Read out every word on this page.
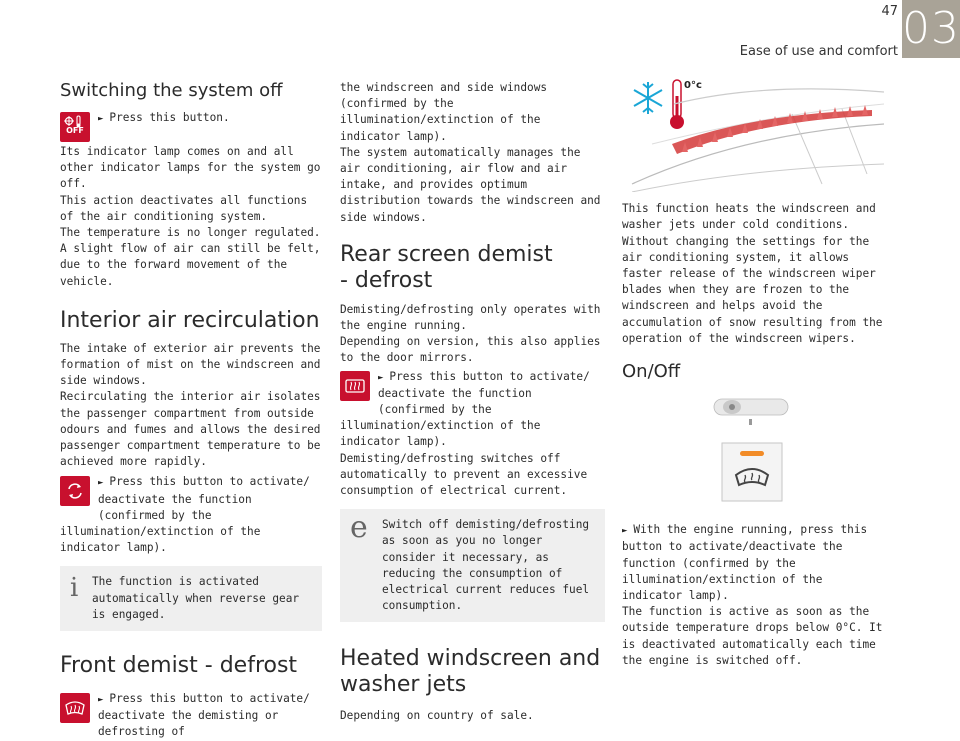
47
Ease of use and comfort 03
Switching the system off
OFF

► Press this button.

Its indicator lamp comes on and all other indicator lamps for the system go off.

This action deactivates all functions of the air conditioning system.

The temperature is no longer regulated. A slight flow of air can still be felt, due to the forward movement of the vehicle.

Interior air recirculation

The intake of exterior air prevents the formation of mist on the windscreen and side windows.

Recirculating the interior air isolates the passenger compartment from outside odours and fumes and allows the desired passenger compartment temperature to be achieved more rapidly.

► Press this button to activate/ deactivate the function (confirmed by the illumination/extinction of the indicator lamp).

i The function is activated automatically when reverse gear is engaged.

Front demist - defrost

► Press this button to activate/ deactivate the demisting or defrosting of

the windscreen and side windows (confirmed by the illumination/extinction of the indicator lamp).

The system automatically manages the air conditioning, air flow and air intake, and provides optimum distribution towards the windscreen and side windows.

Rear screen demist
- defrost

Demisting/defrosting only operates with the engine running.

Depending on version, this also applies to the door mirrors.

► Press this button to activate/ deactivate the function (confirmed by the illumination/extinction of the indicator lamp).

Demisting/defrosting switches off automatically to prevent an excessive consumption of electrical current.

e Switch off demisting/defrosting as soon as you no longer consider it necessary, as reducing the consumption of electrical current reduces fuel consumption.

Heated windscreen and
washer jets

Depending on country of sale.

0°c

This function heats the windscreen and washer jets under cold conditions.

Without changing the settings for the air conditioning system, it allows faster release of the windscreen wiper blades when they are frozen to the windscreen and helps avoid the accumulation of snow resulting from the operation of the windscreen wipers.

On/Off

► With the engine running, press this button to activate/deactivate the function (confirmed by the illumination/extinction of the indicator lamp).

The function is active as soon as the outside temperature drops below 0°C. It is deactivated automatically each time the engine is switched off.
